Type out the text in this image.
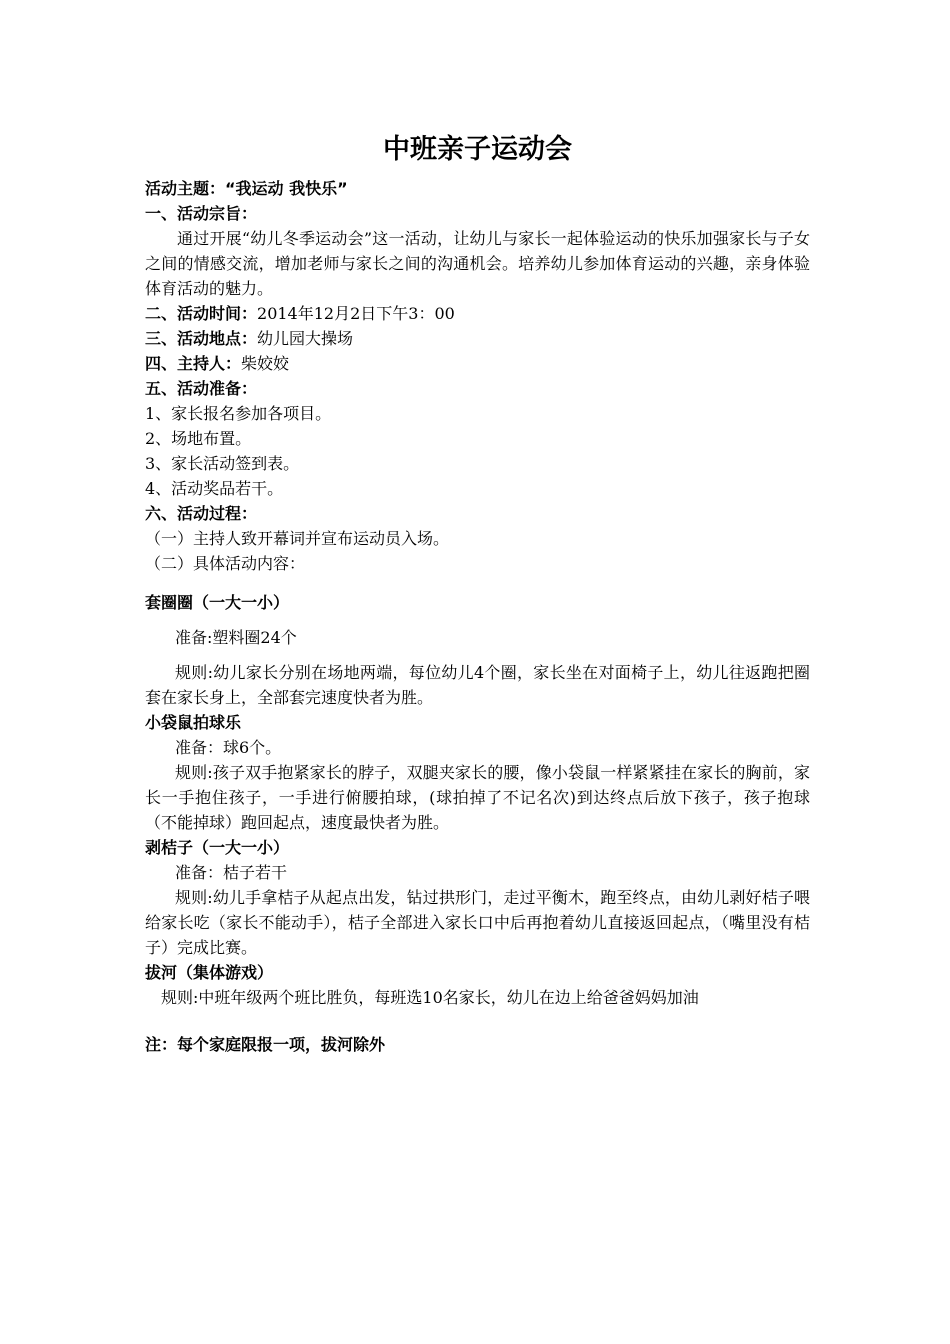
中班亲子运动会
活动主题：“我运动 我快乐”
一、活动宗旨：
通过开展“幼儿冬季运动会”这一活动，让幼儿与家长一起体验运动的快乐加强家长与子女之间的情感交流，增加老师与家长之间的沟通机会。培养幼儿参加体育运动的兴趣，亲身体验体育活动的魅力。
二、活动时间：2014年12月2日下午3：00
三、活动地点：幼儿园大操场
四、主持人：柴姣姣
五、活动准备：
1、家长报名参加各项目。
2、场地布置。
3、家长活动签到表。
4、活动奖品若干。
六、活动过程：
（一）主持人致开幕词并宣布运动员入场。
（二）具体活动内容：
套圈圈（一大一小）
准备:塑料圈24个
规则:幼儿家长分别在场地两端，每位幼儿4个圈，家长坐在对面椅子上，幼儿往返跑把圈套在家长身上，全部套完速度快者为胜。
小袋鼠拍球乐
准备：球6个。
规则:孩子双手抱紧家长的脖子，双腿夹家长的腰，像小袋鼠一样紧紧挂在家长的胸前，家长一手抱住孩子，一手进行俯腰拍球，(球拍掉了不记名次)到达终点后放下孩子，孩子抱球（不能掉球）跑回起点，速度最快者为胜。
剥桔子（一大一小）
准备：桔子若干
规则:幼儿手拿桔子从起点出发，钻过拱形门，走过平衡木，跑至终点，由幼儿剥好桔子喂给家长吃（家长不能动手），桔子全部进入家长口中后再抱着幼儿直接返回起点，（嘴里没有桔子）完成比赛。
拔河（集体游戏）
规则:中班年级两个班比胜负，每班选10名家长，幼儿在边上给爸爸妈妈加油
注：每个家庭限报一项，拔河除外
